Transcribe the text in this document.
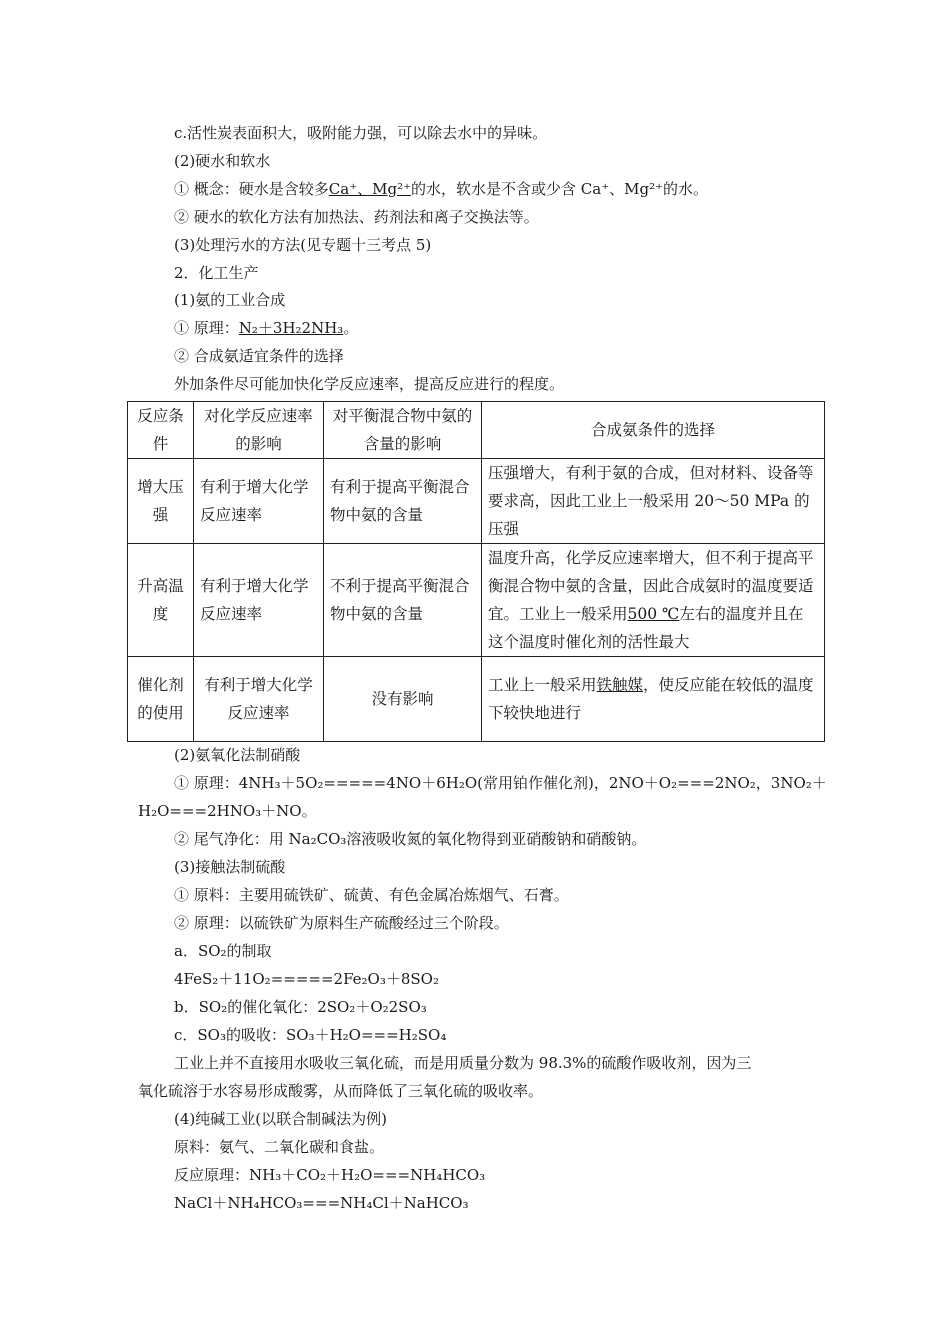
c.活性炭表面积大，吸附能力强，可以除去水中的异味。
(2)硬水和软水
① 概念：硬水是含较多Ca⁺、Mg²⁺的水，软水是不含或少含 Ca⁺、Mg²⁺的水。
② 硬水的软化方法有加热法、药剂法和离子交换法等。
(3)处理污水的方法(见专题十三考点 5)
2．化工生产
(1)氨的工业合成
① 原理：N₂＋3H₂2NH₃。
② 合成氨适宜条件的选择
外加条件尽可能加快化学反应速率，提高反应进行的程度。
反应条件	对化学反应速率的影响	对平衡混合物中氨的含量的影响	合成氨条件的选择
增大压强	有利于增大化学反应速率	有利于提高平衡混合物中氨的含量	压强增大，有利于氨的合成，但对材料、设备等要求高，因此工业上一般采用 20～50 MPa 的压强
升高温度	有利于增大化学反应速率	不利于提高平衡混合物中氨的含量	温度升高，化学反应速率增大，但不利于提高平衡混合物中氨的含量，因此合成氨时的温度要适宜。工业上一般采用500 ℃左右的温度并且在这个温度时催化剂的活性最大
催化剂的使用	有利于增大化学反应速率	没有影响	工业上一般采用铁触媒，使反应能在较低的温度下较快地进行
(2)氨氧化法制硝酸
① 原理：4NH₃＋5O₂=====4NO＋6H₂O(常用铂作催化剂)，2NO＋O₂===2NO₂，3NO₂＋
H₂O===2HNO₃＋NO。
② 尾气净化：用 Na₂CO₃溶液吸收氮的氧化物得到亚硝酸钠和硝酸钠。
(3)接触法制硫酸
① 原料：主要用硫铁矿、硫黄、有色金属冶炼烟气、石膏。
② 原理：以硫铁矿为原料生产硫酸经过三个阶段。
a．SO₂的制取
4FeS₂＋11O₂=====2Fe₂O₃＋8SO₂
b．SO₂的催化氧化：2SO₂＋O₂2SO₃
c．SO₃的吸收：SO₃＋H₂O===H₂SO₄
工业上并不直接用水吸收三氧化硫，而是用质量分数为 98.3%的硫酸作吸收剂，因为三
氧化硫溶于水容易形成酸雾，从而降低了三氧化硫的吸收率。
(4)纯碱工业(以联合制碱法为例)
原料：氨气、二氧化碳和食盐。
反应原理：NH₃＋CO₂＋H₂O===NH₄HCO₃
NaCl＋NH₄HCO₃===NH₄Cl＋NaHCO₃
